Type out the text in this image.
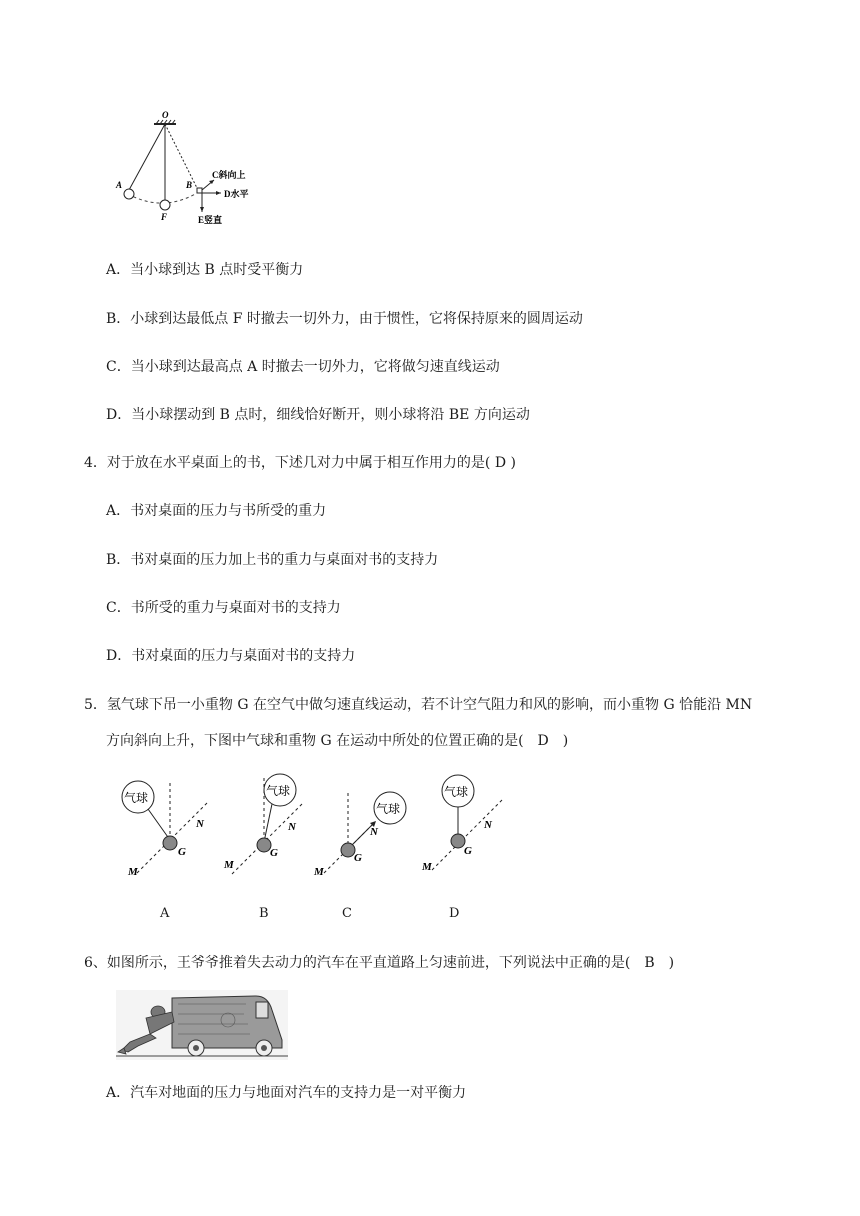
O
A	B
F
C斜向上
D水平
E竖直
A．当小球到达 B 点时受平衡力
B．小球到达最低点 F 时撤去一切外力，由于惯性，它将保持原来的圆周运动
C．当小球到达最高点 A 时撤去一切外力，它将做匀速直线运动
D．当小球摆动到 B 点时，细线恰好断开，则小球将沿 BE 方向运动
4．对于放在水平桌面上的书，下述几对力中属于相互作用力的是( D )
A．书对桌面的压力与书所受的重力
B．书对桌面的压力加上书的重力与桌面对书的支持力
C．书所受的重力与桌面对书的支持力
D．书对桌面的压力与桌面对书的支持力
5．氢气球下吊一小重物 G 在空气中做匀速直线运动，若不计空气阻力和风的影响，而小重物 G 恰能沿 MN
方向斜向上升，下图中气球和重物 G 在运动中所处的位置正确的是(　D　)
气球
N
G
M
气球
N
G
M
气球
N
G
M
气球
N
G
M
A	B	C	D
6、如图所示，王爷爷推着失去动力的汽车在平直道路上匀速前进，下列说法中正确的是(　B　)
A．汽车对地面的压力与地面对汽车的支持力是一对平衡力
